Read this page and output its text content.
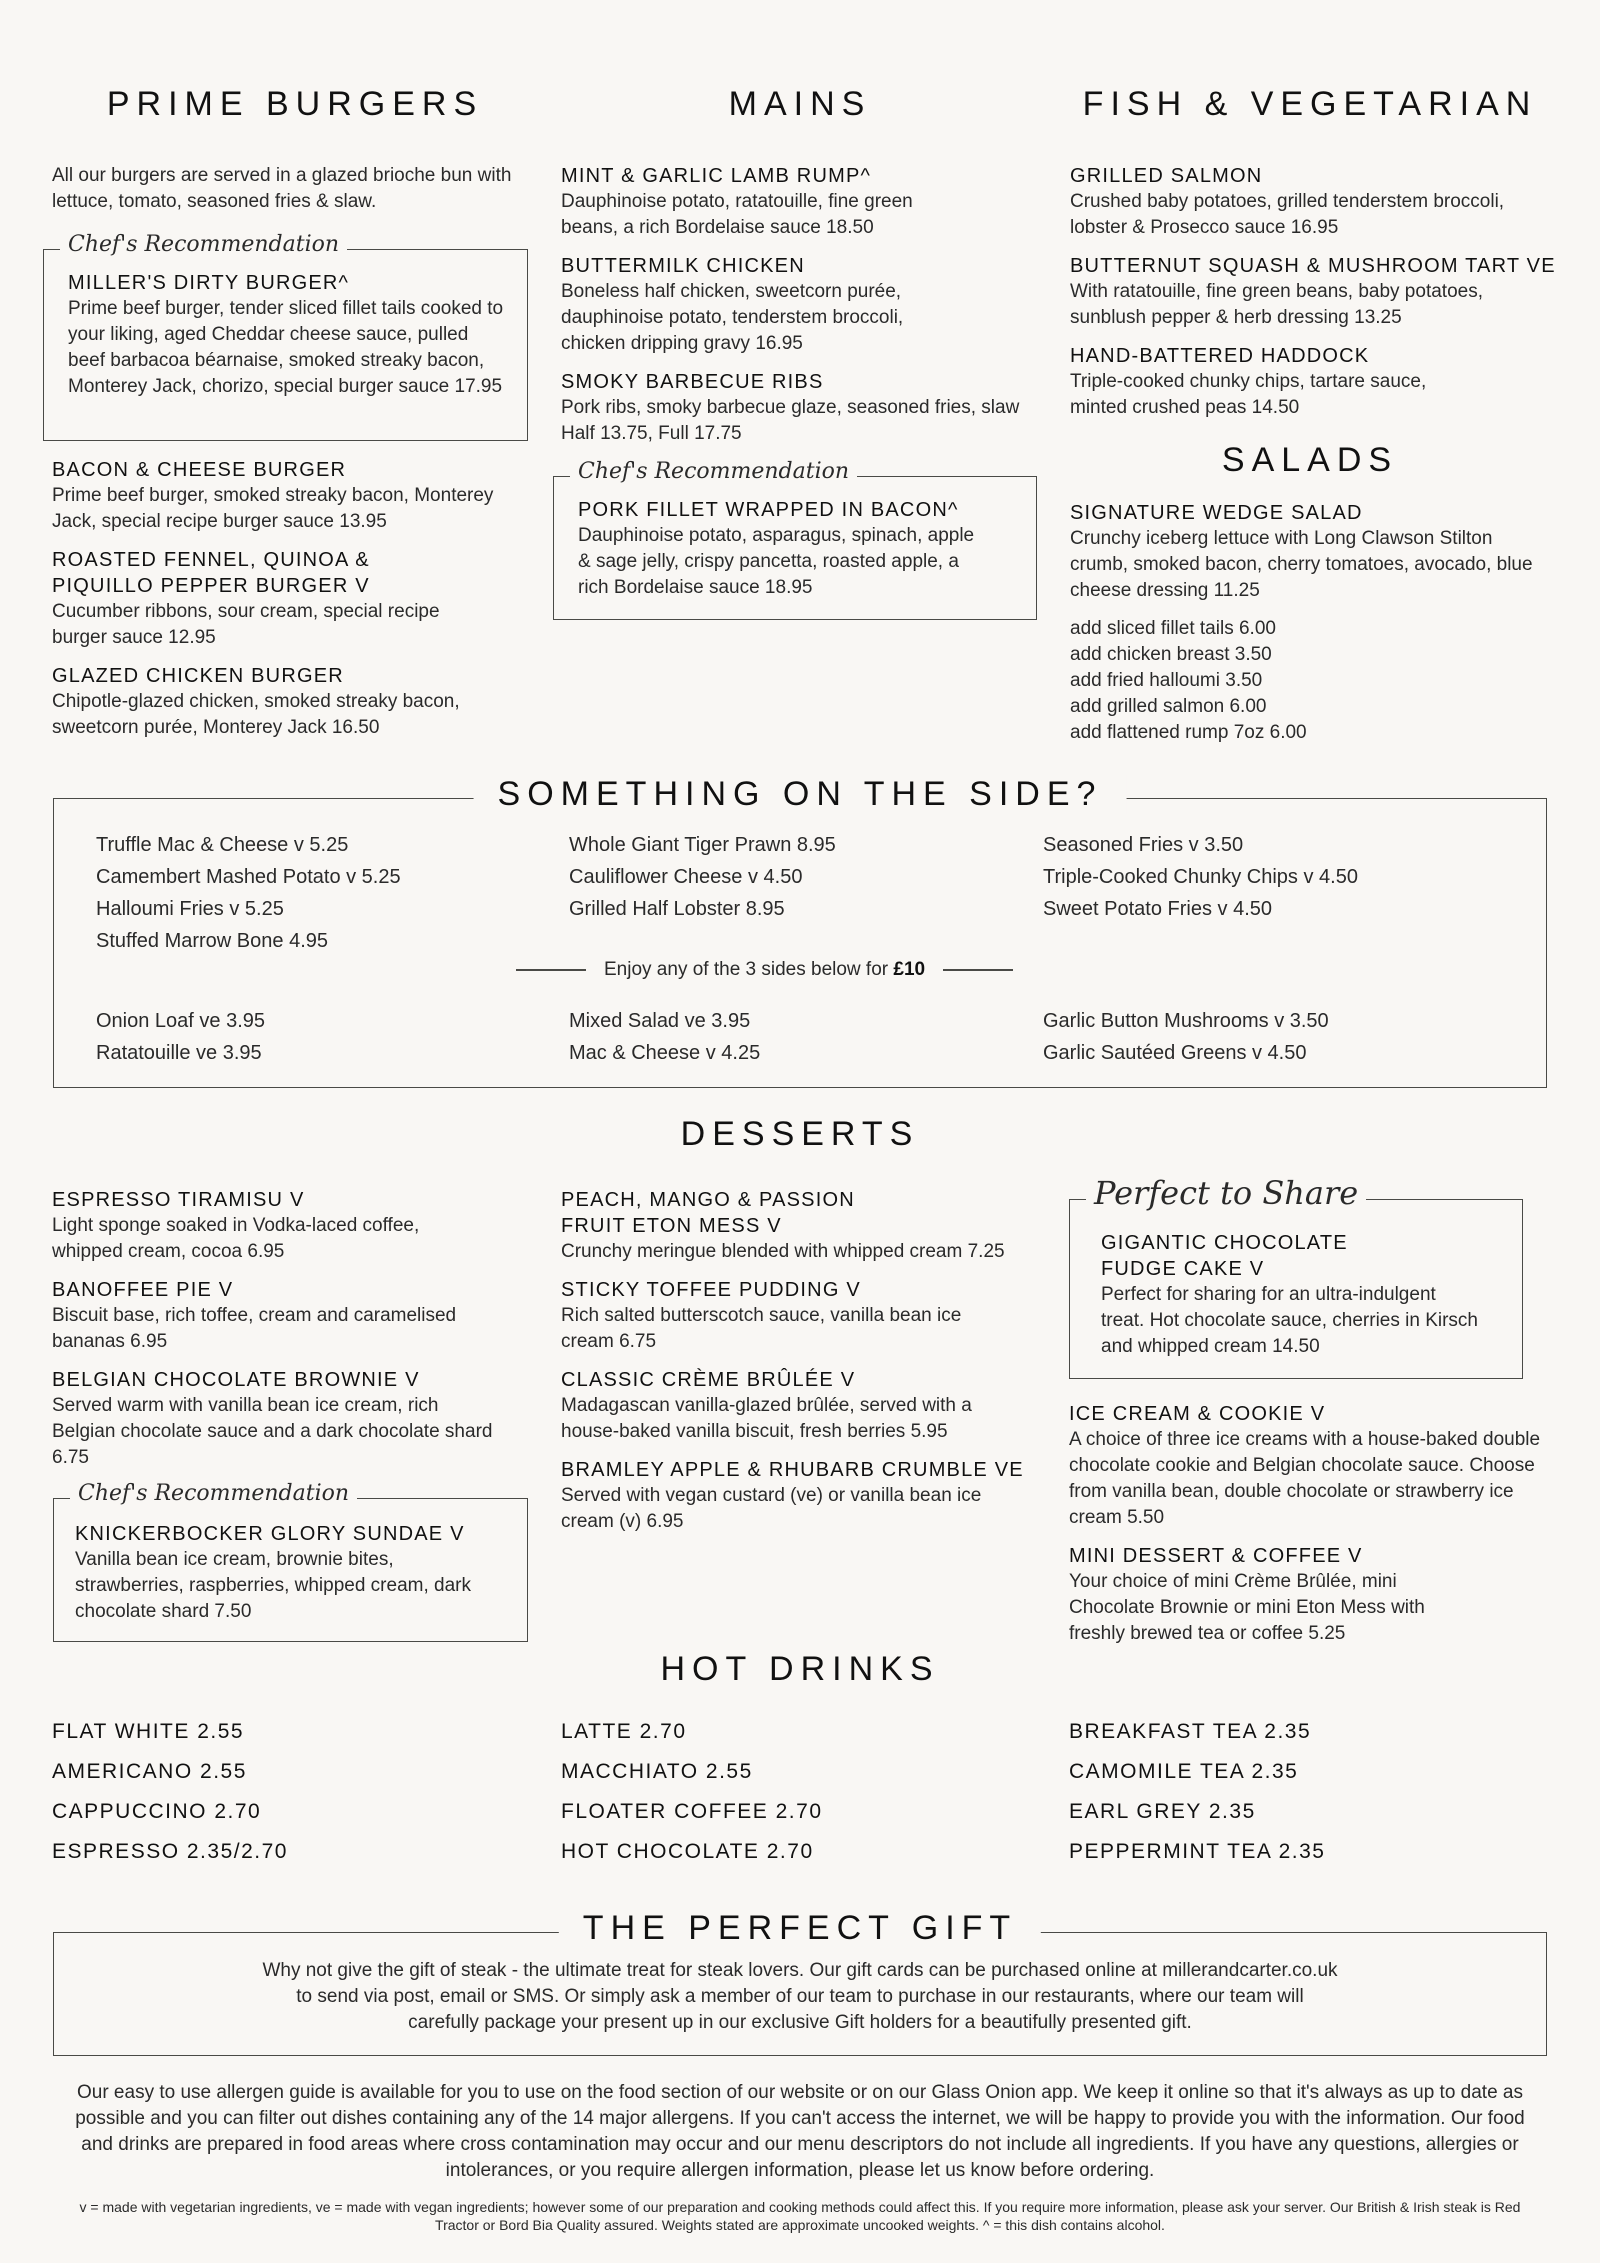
PRIME BURGERS
All our burgers are served in a glazed brioche bun with lettuce, tomato, seasoned fries & slaw.
Chef's Recommendation
MILLER'S DIRTY BURGER^
Prime beef burger, tender sliced fillet tails cooked to your liking, aged Cheddar cheese sauce, pulled beef barbacoa béarnaise, smoked streaky bacon, Monterey Jack, chorizo, special burger sauce 17.95
BACON & CHEESE BURGER
Prime beef burger, smoked streaky bacon, Monterey Jack, special recipe burger sauce 13.95
ROASTED FENNEL, QUINOA & PIQUILLO PEPPER BURGER V
Cucumber ribbons, sour cream, special recipe burger sauce 12.95
GLAZED CHICKEN BURGER
Chipotle-glazed chicken, smoked streaky bacon, sweetcorn purée, Monterey Jack 16.50
MAINS
MINT & GARLIC LAMB RUMP^
Dauphinoise potato, ratatouille, fine green beans, a rich Bordelaise sauce 18.50
BUTTERMILK CHICKEN
Boneless half chicken, sweetcorn purée, dauphinoise potato, tenderstem broccoli, chicken dripping gravy 16.95
SMOKY BARBECUE RIBS
Pork ribs, smoky barbecue glaze, seasoned fries, slaw Half 13.75, Full 17.75
Chef's Recommendation
PORK FILLET WRAPPED IN BACON^
Dauphinoise potato, asparagus, spinach, apple & sage jelly, crispy pancetta, roasted apple, a rich Bordelaise sauce 18.95
FISH & VEGETARIAN
GRILLED SALMON
Crushed baby potatoes, grilled tenderstem broccoli, lobster & Prosecco sauce 16.95
BUTTERNUT SQUASH & MUSHROOM TART VE
With ratatouille, fine green beans, baby potatoes, sunblush pepper & herb dressing 13.25
HAND-BATTERED HADDOCK
Triple-cooked chunky chips, tartare sauce, minted crushed peas 14.50
SALADS
SIGNATURE WEDGE SALAD
Crunchy iceberg lettuce with Long Clawson Stilton crumb, smoked bacon, cherry tomatoes, avocado, blue cheese dressing 11.25
add sliced fillet tails 6.00
add chicken breast 3.50
add fried halloumi 3.50
add grilled salmon 6.00
add flattened rump 7oz 6.00
SOMETHING ON THE SIDE?
Truffle Mac & Cheese v 5.25
Camembert Mashed Potato v 5.25
Halloumi Fries v 5.25
Stuffed Marrow Bone 4.95
Whole Giant Tiger Prawn 8.95
Cauliflower Cheese v 4.50
Grilled Half Lobster 8.95
Seasoned Fries v 3.50
Triple-Cooked Chunky Chips v 4.50
Sweet Potato Fries v 4.50
Enjoy any of the 3 sides below for £10
Onion Loaf ve 3.95
Ratatouille ve 3.95
Mixed Salad ve 3.95
Mac & Cheese v 4.25
Garlic Button Mushrooms v 3.50
Garlic Sautéed Greens v 4.50
DESSERTS
ESPRESSO TIRAMISU V
Light sponge soaked in Vodka-laced coffee, whipped cream, cocoa 6.95
BANOFFEE PIE V
Biscuit base, rich toffee, cream and caramelised bananas 6.95
BELGIAN CHOCOLATE BROWNIE V
Served warm with vanilla bean ice cream, rich Belgian chocolate sauce and a dark chocolate shard 6.75
Chef's Recommendation
KNICKERBOCKER GLORY SUNDAE V
Vanilla bean ice cream, brownie bites, strawberries, raspberries, whipped cream, dark chocolate shard 7.50
PEACH, MANGO & PASSION FRUIT ETON MESS V
Crunchy meringue blended with whipped cream 7.25
STICKY TOFFEE PUDDING V
Rich salted butterscotch sauce, vanilla bean ice cream 6.75
CLASSIC CRÈME BRÛLÉE V
Madagascan vanilla-glazed brûlée, served with a house-baked vanilla biscuit, fresh berries 5.95
BRAMLEY APPLE & RHUBARB CRUMBLE VE
Served with vegan custard (ve) or vanilla bean ice cream (v) 6.95
Perfect to Share
GIGANTIC CHOCOLATE FUDGE CAKE V
Perfect for sharing for an ultra-indulgent treat. Hot chocolate sauce, cherries in Kirsch and whipped cream 14.50
ICE CREAM & COOKIE V
A choice of three ice creams with a house-baked double chocolate cookie and Belgian chocolate sauce. Choose from vanilla bean, double chocolate or strawberry ice cream 5.50
MINI DESSERT & COFFEE V
Your choice of mini Crème Brûlée, mini Chocolate Brownie or mini Eton Mess with freshly brewed tea or coffee 5.25
HOT DRINKS
FLAT WHITE 2.55
AMERICANO 2.55
CAPPUCCINO 2.70
ESPRESSO 2.35/2.70
LATTE 2.70
MACCHIATO 2.55
FLOATER COFFEE 2.70
HOT CHOCOLATE 2.70
BREAKFAST TEA 2.35
CAMOMILE TEA 2.35
EARL GREY 2.35
PEPPERMINT TEA 2.35
THE PERFECT GIFT
Why not give the gift of steak - the ultimate treat for steak lovers. Our gift cards can be purchased online at millerandcarter.co.uk
to send via post, email or SMS. Or simply ask a member of our team to purchase in our restaurants, where our team will
carefully package your present up in our exclusive Gift holders for a beautifully presented gift.
Our easy to use allergen guide is available for you to use on the food section of our website or on our Glass Onion app. We keep it online so that it's always as up to date as possible and you can filter out dishes containing any of the 14 major allergens. If you can't access the internet, we will be happy to provide you with the information. Our food and drinks are prepared in food areas where cross contamination may occur and our menu descriptors do not include all ingredients. If you have any questions, allergies or intolerances, or you require allergen information, please let us know before ordering.
v = made with vegetarian ingredients, ve = made with vegan ingredients; however some of our preparation and cooking methods could affect this. If you require more information, please ask your server. Our British & Irish steak is Red Tractor or Bord Bia Quality assured. Weights stated are approximate uncooked weights. ^ = this dish contains alcohol.
